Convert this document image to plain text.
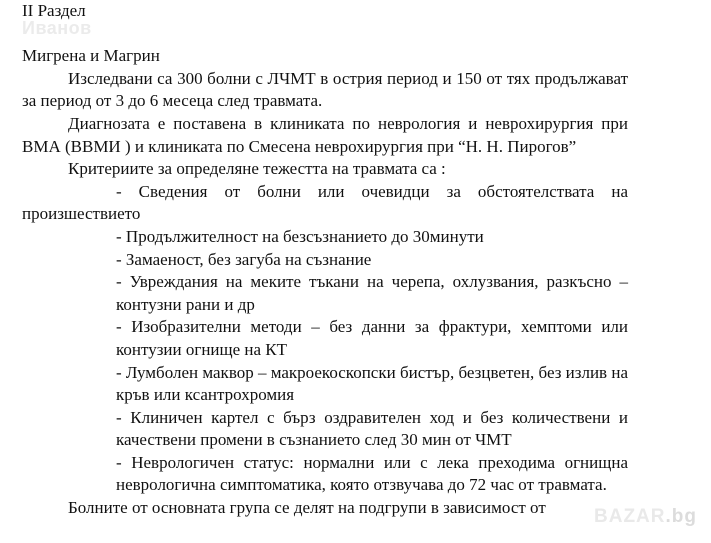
Иванов
II Раздел

Мигрена и Магрин
Изследвани са 300 болни с ЛЧМТ в острия период и 150 от тях продължават за период от 3 до 6 месеца след травмата.
Диагнозата е поставена в клиниката по неврология и неврохирургия при ВМА (ВВМИ ) и клиниката по Смесена неврохирургия при “Н. Н. Пирогов”
Критериите за определяне тежестта на травмата са :
- Сведения от болни или очевидци за обстоятелствата на произшествието
- Продължителност на безсъзнанието до 30минути
- Замаеност, без загуба на съзнание
- Увреждания на меките тъкани на черепа, охлузвания, разкъсно – контузни рани и др
- Изобразителни методи – без данни за фрактури, хемптоми или контузии огнище на КТ
- Лумболен маквор – макроекоскопски бистър, безцветен, без излив на кръв или ксантрохромия
- Клиничен картел с бърз оздравителен ход и без количествени и качествени промени в съзнанието след 30 мин от ЧМТ
- Неврологичен статус: нормални или с лека преходима огнищна неврологична симптоматика, която отзвучава до 72 час от травмата.
Болните от основната група се делят на подгрупи в зависимост от	BAZAR.bg
